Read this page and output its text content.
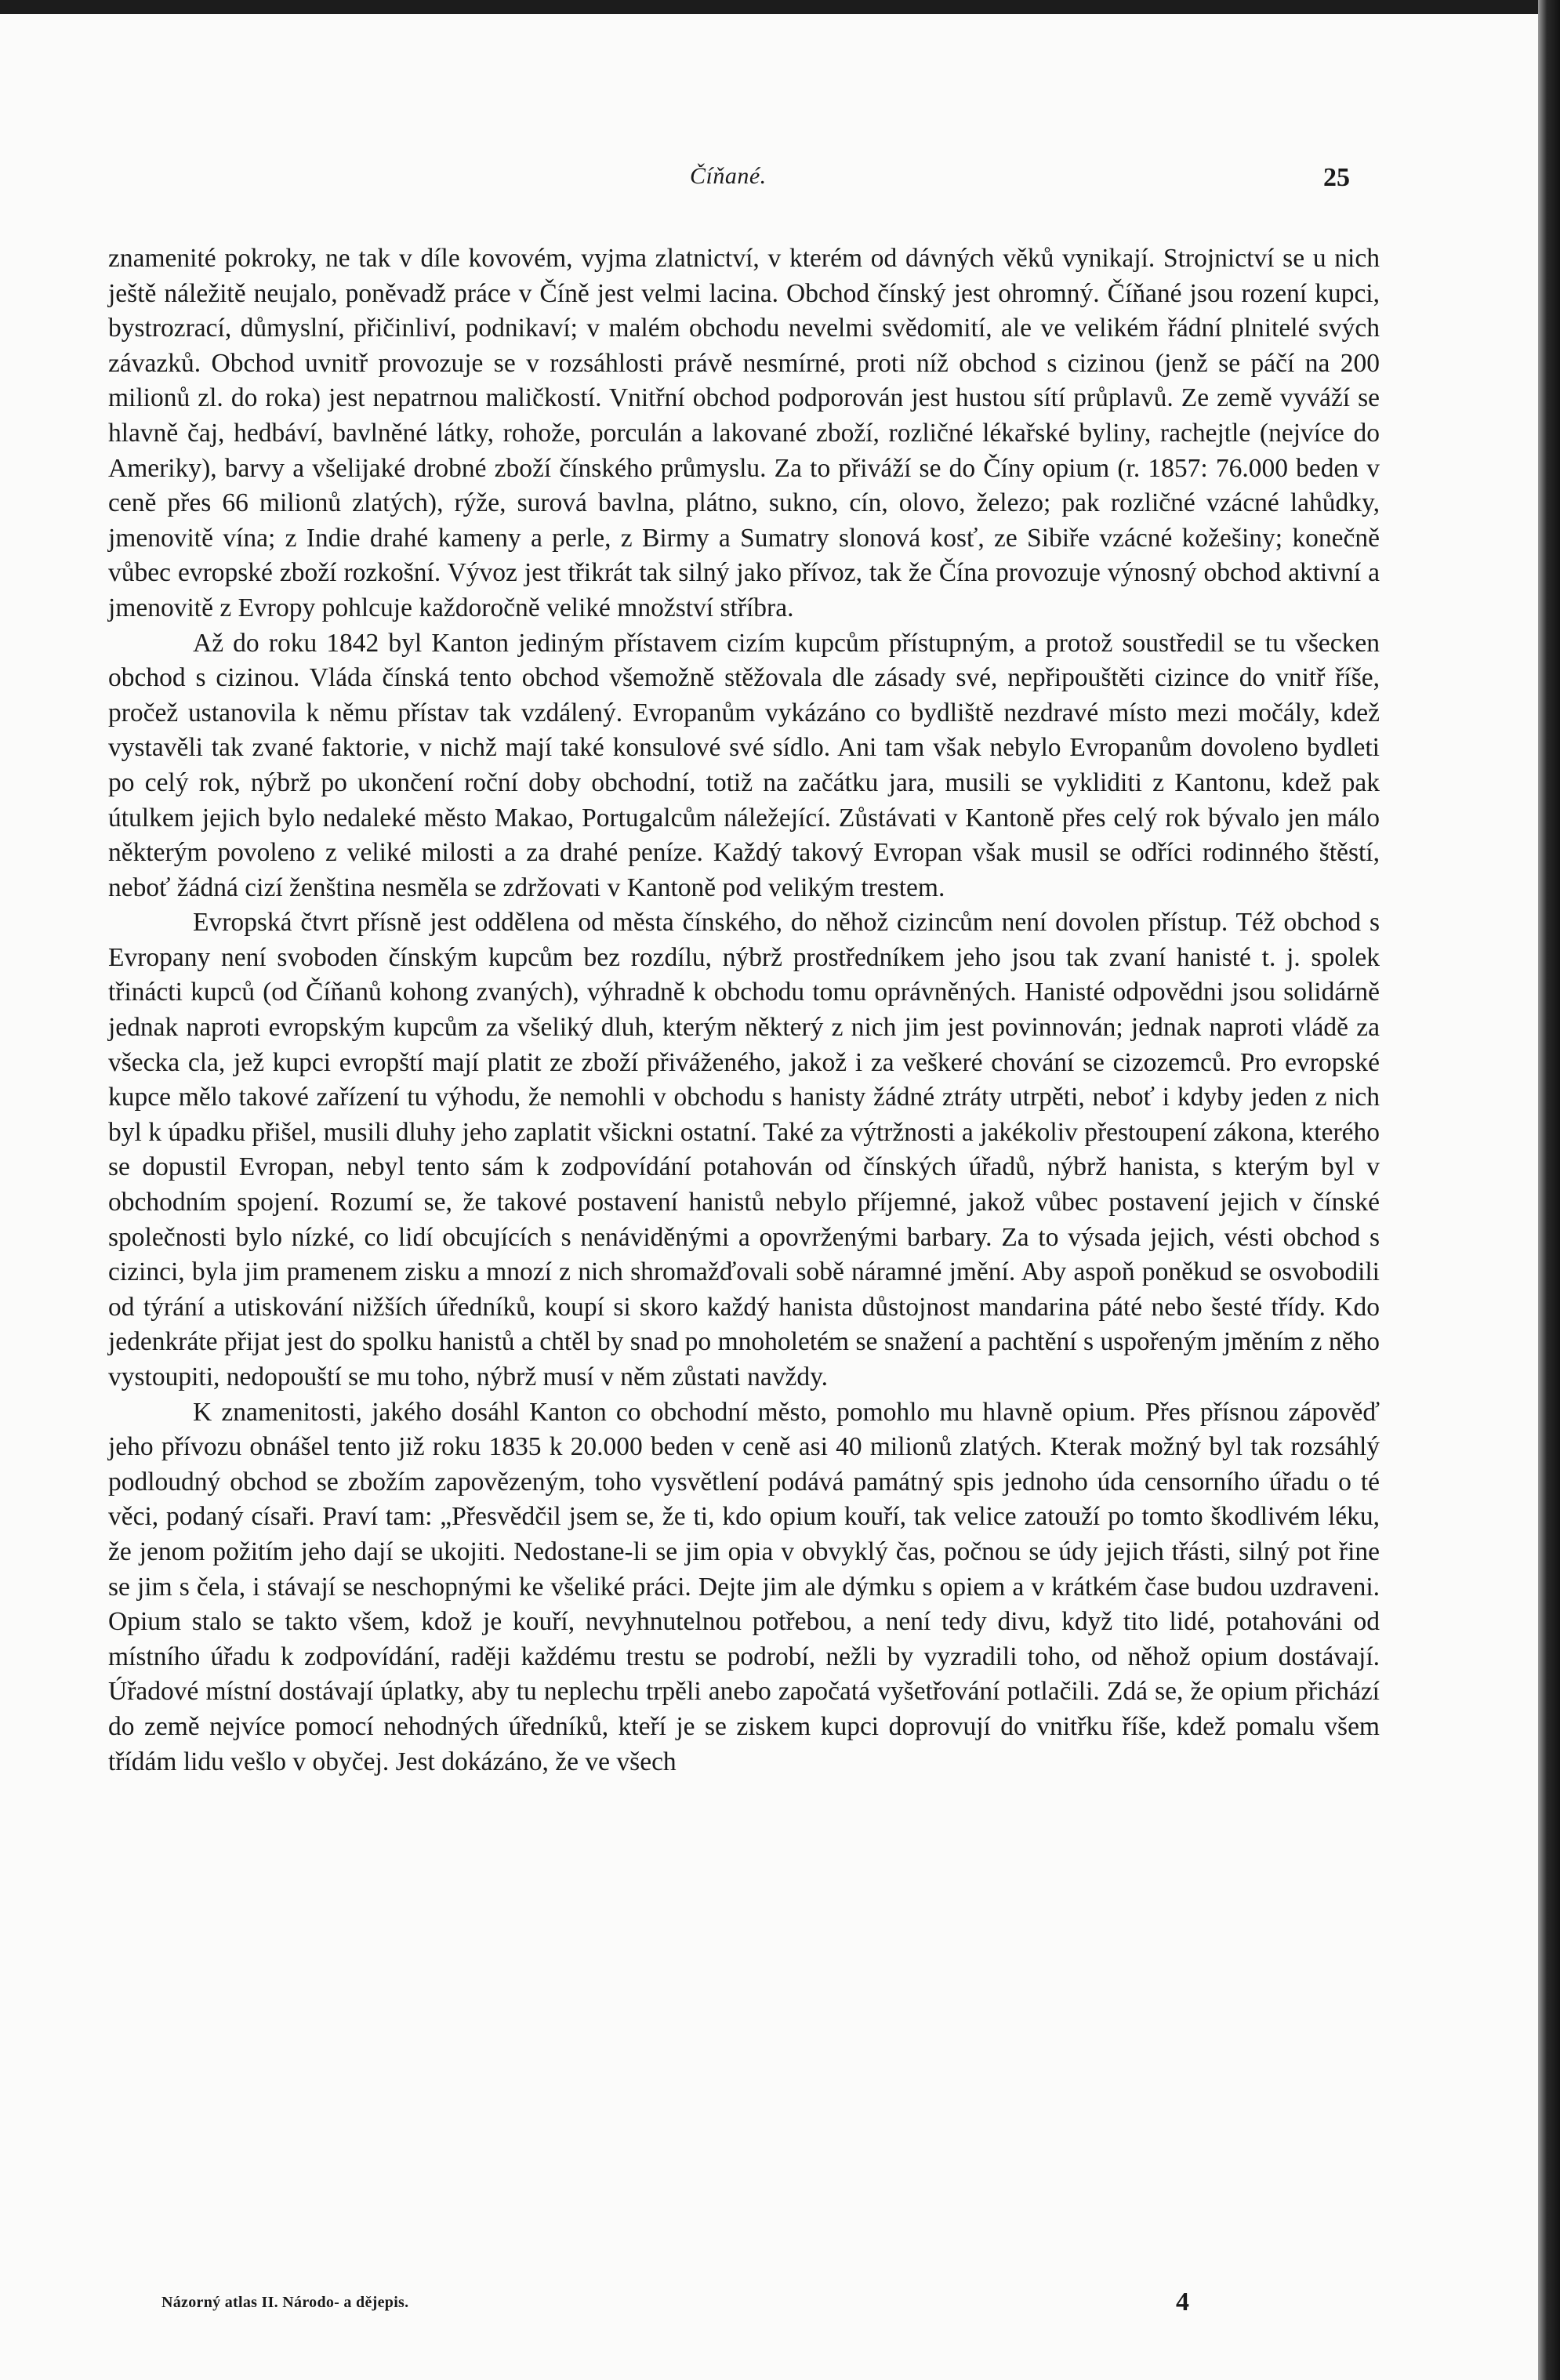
Číňané.	25

znamenité pokroky, ne tak v díle kovovém, vyjma zlatnictví, v kterém od dávných věků vynikají. Strojnictví se u nich ještě náležitě neujalo, poněvadž práce v Číně jest velmi lacina. Obchod čínský jest ohromný. Číňané jsou rození kupci, bystrozrací, důmyslní, přičinliví, podnikaví; v malém obchodu nevelmi svědomití, ale ve velikém řádní plnitelé svých závazků. Obchod uvnitř provozuje se v rozsáhlosti právě nesmírné, proti níž obchod s cizinou (jenž se páčí na 200 milionů zl. do roka) jest nepatrnou maličkostí. Vnitřní obchod podporován jest hustou sítí průplavů. Ze země vyváží se hlavně čaj, hedbáví, bavlněné látky, rohože, porculán a lakované zboží, rozličné lékařské byliny, rachejtle (nejvíce do Ameriky), barvy a všelijaké drobné zboží čínského průmyslu. Za to přiváží se do Číny opium (r. 1857: 76.000 beden v ceně přes 66 milionů zlatých), rýže, surová bavlna, plátno, sukno, cín, olovo, železo; pak rozličné vzácné lahůdky, jmenovitě vína; z Indie drahé kameny a perle, z Birmy a Sumatry slonová kosť, ze Sibiře vzácné kožešiny; konečně vůbec evropské zboží rozkošní. Vývoz jest třikrát tak silný jako přívoz, tak že Čína provozuje výnosný obchod aktivní a jmenovitě z Evropy pohlcuje každoročně veliké množství stříbra.

Až do roku 1842 byl Kanton jediným přístavem cizím kupcům přístupným, a protož soustředil se tu všecken obchod s cizinou. Vláda čínská tento obchod všemožně stěžovala dle zásady své, nepřipouštěti cizince do vnitř říše, pročež ustanovila k němu přístav tak vzdálený. Evropanům vykázáno co bydliště nezdravé místo mezi močály, kdež vystavěli tak zvané faktorie, v nichž mají také konsulové své sídlo. Ani tam však nebylo Evropanům dovoleno bydleti po celý rok, nýbrž po ukončení roční doby obchodní, totiž na začátku jara, musili se vykliditi z Kantonu, kdež pak útulkem jejich bylo nedaleké město Makao, Portugalcům náležející. Zůstávati v Kantoně přes celý rok bývalo jen málo některým povoleno z veliké milosti a za drahé peníze. Každý takový Evropan však musil se odříci rodinného štěstí, neboť žádná cizí ženština nesměla se zdržovati v Kantoně pod velikým trestem.

Evropská čtvrt přísně jest oddělena od města čínského, do něhož cizincům není dovolen přístup. Též obchod s Evropany není svoboden čínským kupcům bez rozdílu, nýbrž prostředníkem jeho jsou tak zvaní hanisté t. j. spolek třinácti kupců (od Číňanů kohong zvaných), výhradně k obchodu tomu oprávněných. Hanisté odpovědni jsou solidárně jednak naproti evropským kupcům za všeliký dluh, kterým některý z nich jim jest povinnován; jednak naproti vládě za všecka cla, jež kupci evropští mají platit ze zboží přiváženého, jakož i za veškeré chování se cizozemců. Pro evropské kupce mělo takové zařízení tu výhodu, že nemohli v obchodu s hanisty žádné ztráty utrpěti, neboť i kdyby jeden z nich byl k úpadku přišel, musili dluhy jeho zaplatit všickni ostatní. Také za výtržnosti a jakékoliv přestoupení zákona, kterého se dopustil Evropan, nebyl tento sám k zodpovídání potahován od čínských úřadů, nýbrž hanista, s kterým byl v obchodním spojení. Rozumí se, že takové postavení hanistů nebylo příjemné, jakož vůbec postavení jejich v čínské společnosti bylo nízké, co lidí obcujících s nenáviděnými a opovrženými barbary. Za to výsada jejich, vésti obchod s cizinci, byla jim pramenem zisku a mnozí z nich shromažďovali sobě náramné jmění. Aby aspoň poněkud se osvobodili od týrání a utiskování nižších úředníků, koupí si skoro každý hanista důstojnost mandarina páté nebo šesté třídy. Kdo jedenkráte přijat jest do spolku hanistů a chtěl by snad po mnoholetém se snažení a pachtění s uspořeným jměním z něho vystoupiti, nedopouští se mu toho, nýbrž musí v něm zůstati navždy.

K znamenitosti, jakého dosáhl Kanton co obchodní město, pomohlo mu hlavně opium. Přes přísnou zápověď jeho přívozu obnášel tento již roku 1835 k 20.000 beden v ceně asi 40 milionů zlatých. Kterak možný byl tak rozsáhlý podloudný obchod se zbožím zapovězeným, toho vysvětlení podává památný spis jednoho úda censorního úřadu o té věci, podaný císaři. Praví tam: „Přesvědčil jsem se, že ti, kdo opium kouří, tak velice zatouží po tomto škodlivém léku, že jenom požitím jeho dají se ukojiti. Nedostane-li se jim opia v obvyklý čas, počnou se údy jejich třásti, silný pot řine se jim s čela, i stávají se neschopnými ke všeliké práci. Dejte jim ale dýmku s opiem a v krátkém čase budou uzdraveni. Opium stalo se takto všem, kdož je kouří, nevyhnutelnou potřebou, a není tedy divu, když tito lidé, potahováni od místního úřadu k zodpovídání, raději každému trestu se podrobí, nežli by vyzradili toho, od něhož opium dostávají. Úřadové místní dostávají úplatky, aby tu neplechu trpěli anebo započatá vyšetřování potlačili. Zdá se, že opium přichází do země nejvíce pomocí nehodných úředníků, kteří je se ziskem kupci doprovují do vnitřku říše, kdež pomalu všem třídám lidu vešlo v obyčej. Jest dokázáno, že ve všech

Názorný atlas II. Národo- a dějepis.	4
